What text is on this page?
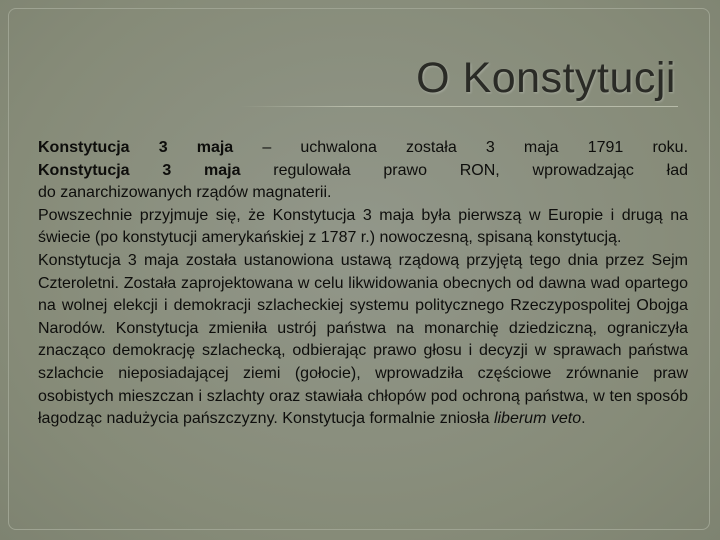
O Konstytucji

Konstytucja 3 maja – uchwalona została 3 maja 1791 roku.
Konstytucja 3 maja regulowała prawo RON, wprowadzając ład
do zanarchizowanych rządów magnaterii.

Powszechnie przyjmuje się, że Konstytucja 3 maja była pierwszą w Europie i drugą na świecie (po konstytucji amerykańskiej z 1787 r.) nowoczesną, spisaną konstytucją.

Konstytucja 3 maja została ustanowiona ustawą rządową przyjętą tego dnia przez Sejm Czteroletni. Została zaprojektowana w celu likwidowania obecnych od dawna wad opartego na wolnej elekcji i demokracji szlacheckiej systemu politycznego Rzeczypospolitej Obojga Narodów. Konstytucja zmieniła ustrój państwa na monarchię dziedziczną, ograniczyła znacząco demokrację szlachecką, odbierając prawo głosu i decyzji w sprawach państwa szlachcie nieposiadającej ziemi (gołocie), wprowadziła częściowe zrównanie praw osobistych mieszczan i szlachty oraz stawiała chłopów pod ochroną państwa, w ten sposób łagodząc nadużycia pańszczyzny. Konstytucja formalnie zniosła liberum veto.
